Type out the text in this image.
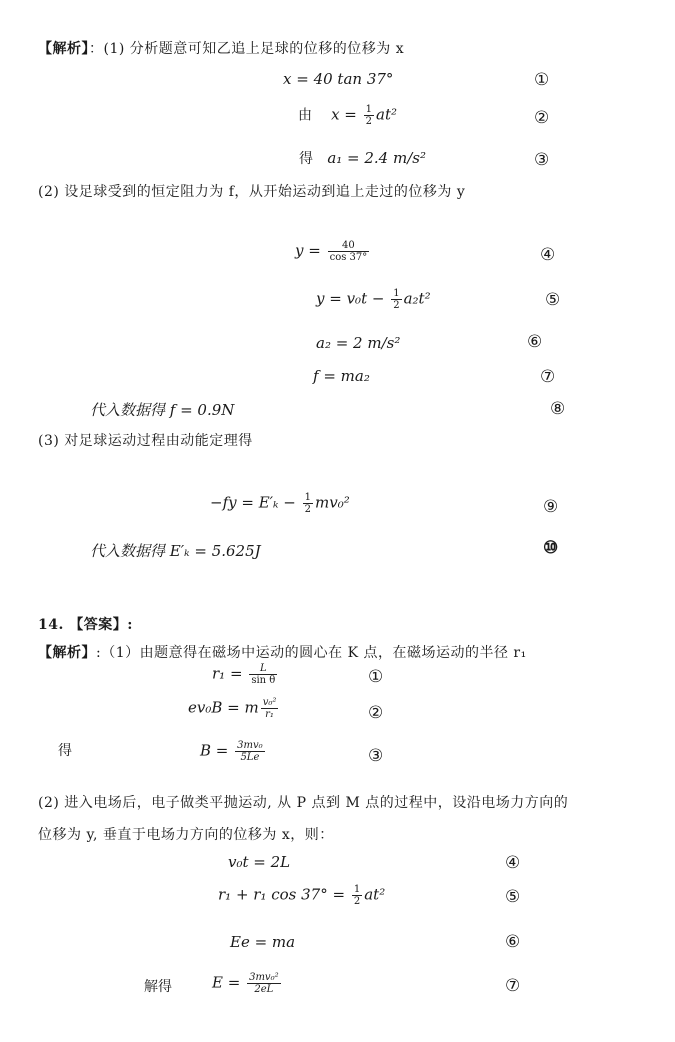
【解析】：(1) 分析题意可知乙追上足球的位移的位移为 x
x = 40 tan 37°	①
由 $x = \frac{1}{2} at^2$	②
得 a₁ = 2.4 m/s²	③
(2) 设足球受到的恒定阻力为 f，从开始运动到追上走过的位移为 y
$y = \frac{40}{\cos 37^\circ}$	④
$y = v_0t - \frac{1}{2} a_2t^2$	⑤
a₂ = 2 m/s²	⑥
f = ma₂	⑦
代入数据得 f = 0.9N	⑧
(3) 对足球运动过程由动能定理得
$-fy = E'_k - \frac{1}{2} mv_0^2$	⑨
代入数据得 E′ₖ = 5.625J	⑩
14. 【答案】:
【解析】:（1）由题意得在磁场中运动的圆心在 K 点，在磁场运动的半径 r₁
$r_1 = \frac{L}{\text{sin θ}}$	①
ev₀B = m $\frac{\text{v₀²}}{\text{r₁}}$	②
得	$B = \frac{\text{3mv₀}}{5Le}$	③
(2) 进入电场后，电子做类平抛运动, 从 P 点到 M 点的过程中，设沿电场力方向的
位移为 y, 垂直于电场力方向的位移为 x，则：
v₀t = 2L	④
r₁ + r₁ $\cos 37^\circ = \frac{1}{2} at^2$	⑤
Ee = ma	⑥
解得	$E = \frac{\text{3mv₀²}}{2eL}$	⑦
